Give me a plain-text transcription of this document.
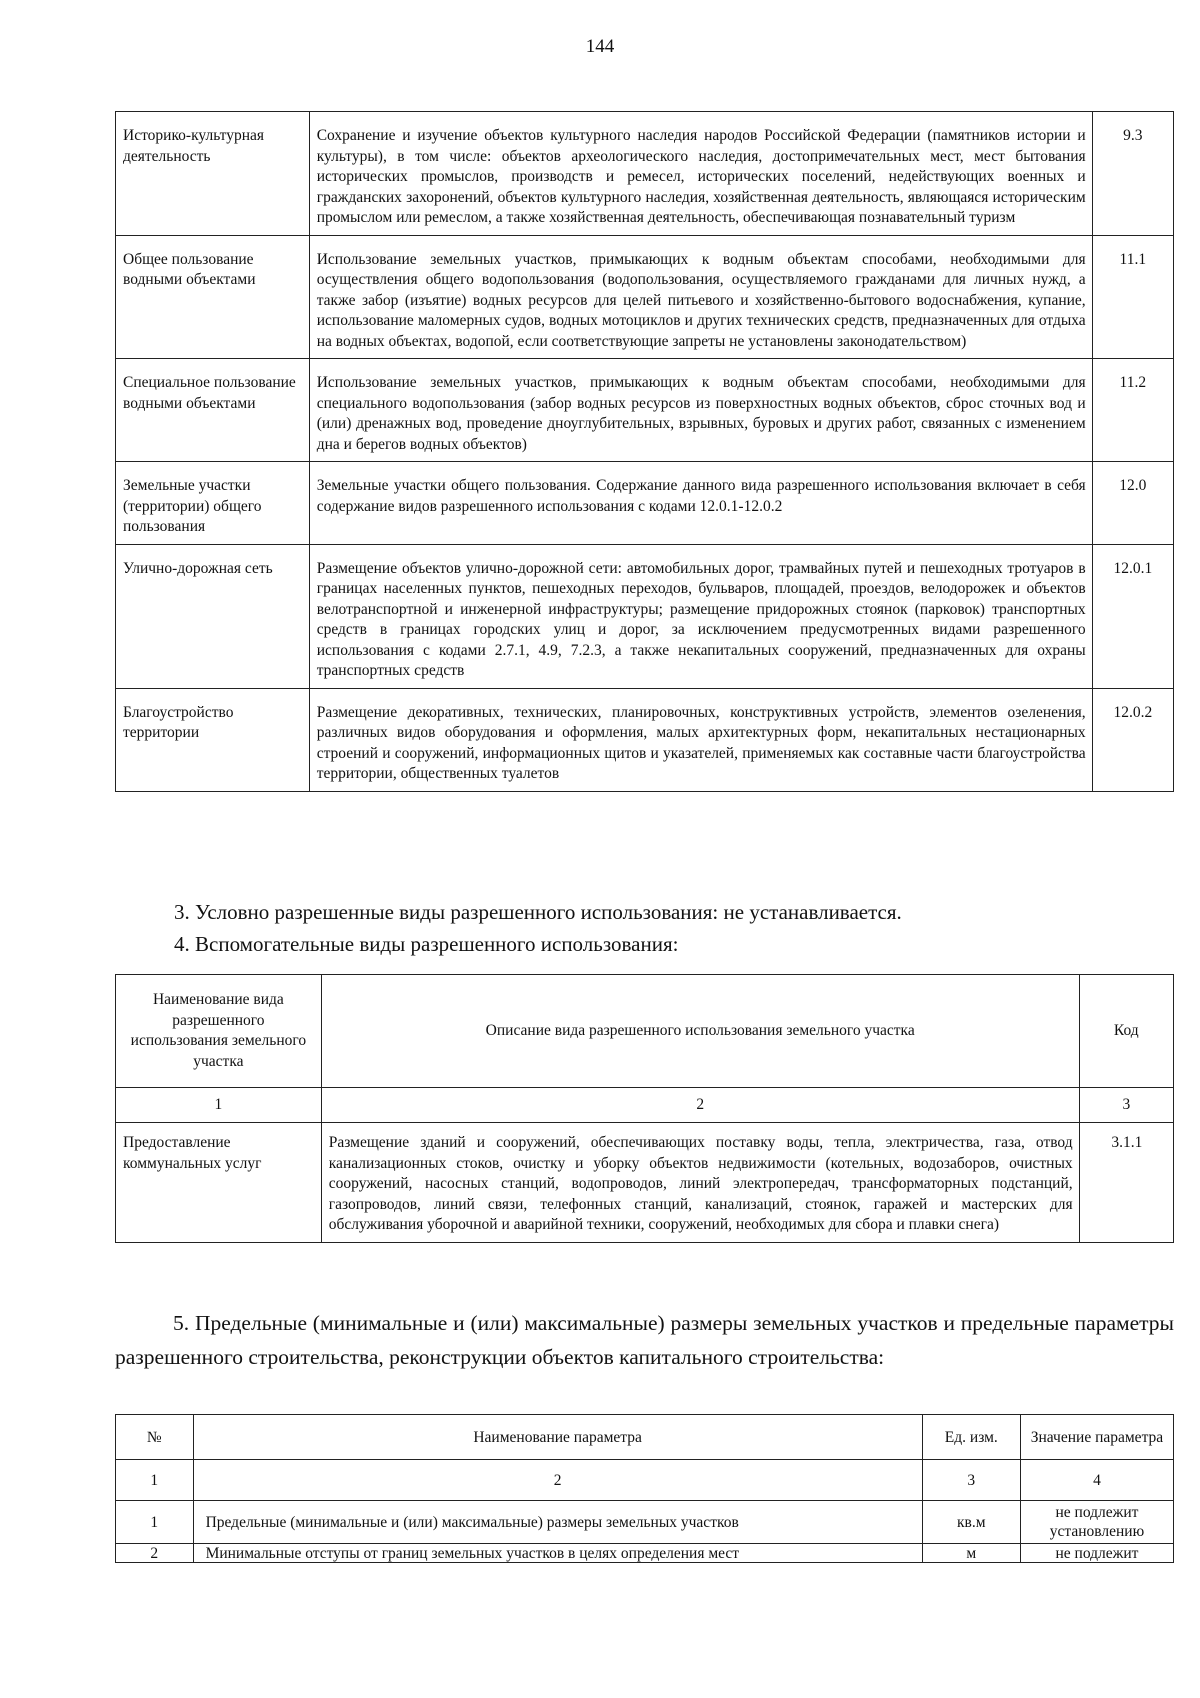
144
Историко-культурная деятельность	Сохранение и изучение объектов культурного наследия народов Российской Федерации (памятников истории и культуры), в том числе: объектов археологического наследия, достопримечательных мест, мест бытования исторических промыслов, производств и ремесел, исторических поселений, недействующих военных и гражданских захоронений, объектов культурного наследия, хозяйственная деятельность, являющаяся историческим промыслом или ремеслом, а также хозяйственная деятельность, обеспечивающая познавательный туризм	9.3
Общее пользование водными объектами	Использование земельных участков, примыкающих к водным объектам способами, необходимыми для осуществления общего водопользования (водопользования, осуществляемого гражданами для личных нужд, а также забор (изъятие) водных ресурсов для целей питьевого и хозяйственно-бытового водоснабжения, купание, использование маломерных судов, водных мотоциклов и других технических средств, предназначенных для отдыха на водных объектах, водопой, если соответствующие запреты не установлены законодательством)	11.1
Специальное пользование водными объектами	Использование земельных участков, примыкающих к водным объектам способами, необходимыми для специального водопользования (забор водных ресурсов из поверхностных водных объектов, сброс сточных вод и (или) дренажных вод, проведение дноуглубительных, взрывных, буровых и других работ, связанных с изменением дна и берегов водных объектов)	11.2
Земельные участки (территории) общего пользования	Земельные участки общего пользования. Содержание данного вида разрешенного использования включает в себя содержание видов разрешенного использования с кодами 12.0.1-12.0.2	12.0
Улично-дорожная сеть	Размещение объектов улично-дорожной сети: автомобильных дорог, трамвайных путей и пешеходных тротуаров в границах населенных пунктов, пешеходных переходов, бульваров, площадей, проездов, велодорожек и объектов велотранспортной и инженерной инфраструктуры; размещение придорожных стоянок (парковок) транспортных средств в границах городских улиц и дорог, за исключением предусмотренных видами разрешенного использования с кодами 2.7.1, 4.9, 7.2.3, а также некапитальных сооружений, предназначенных для охраны транспортных средств	12.0.1
Благоустройство территории	Размещение декоративных, технических, планировочных, конструктивных устройств, элементов озеленения, различных видов оборудования и оформления, малых архитектурных форм, некапитальных нестационарных строений и сооружений, информационных щитов и указателей, применяемых как составные части благоустройства территории, общественных туалетов	12.0.2
3. Условно разрешенные виды разрешенного использования: не устанавливается.
4. Вспомогательные виды разрешенного использования:
Наименование вида разрешенного использования земельного участка	Описание вида разрешенного использования земельного участка	Код
1	2	3
Предоставление коммунальных услуг	Размещение зданий и сооружений, обеспечивающих поставку воды, тепла, электричества, газа, отвод канализационных стоков, очистку и уборку объектов недвижимости (котельных, водозаборов, очистных сооружений, насосных станций, водопроводов, линий электропередач, трансформаторных подстанций, газопроводов, линий связи, телефонных станций, канализаций, стоянок, гаражей и мастерских для обслуживания уборочной и аварийной техники, сооружений, необходимых для сбора и плавки снега)	3.1.1
5. Предельные (минимальные и (или) максимальные) размеры земельных участков и предельные параметры разрешенного строительства, реконструкции объектов капитального строительства:
№	Наименование параметра	Ед. изм.	Значение параметра
1	2	3	4
1	Предельные (минимальные и (или) максимальные) размеры земельных участков	кв.м	не подлежит установлению
2	Минимальные отступы от границ земельных участков в целях определения мест	м	не подлежит
